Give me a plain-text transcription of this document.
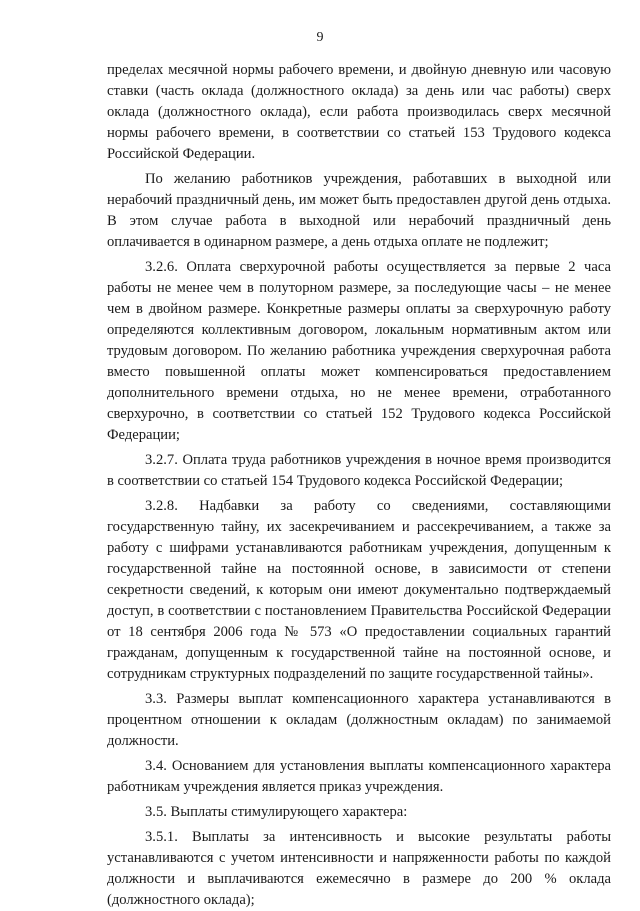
9

пределах месячной нормы рабочего времени, и двойную дневную или часовую ставки (часть оклада (должностного оклада) за день или час работы) сверх оклада (должностного оклада), если работа производилась сверх месячной нормы рабочего времени, в соответствии со статьей 153 Трудового кодекса Российской Федерации.

По желанию работников учреждения, работавших в выходной или нерабочий праздничный день, им может быть предоставлен другой день отдыха. В этом случае работа в выходной или нерабочий праздничный день оплачивается в одинарном размере, а день отдыха оплате не подлежит;

3.2.6. Оплата сверхурочной работы осуществляется за первые 2 часа работы не менее чем в полуторном размере, за последующие часы – не менее чем в двойном размере. Конкретные размеры оплаты за сверхурочную работу определяются коллективным договором, локальным нормативным актом или трудовым договором. По желанию работника учреждения сверхурочная работа вместо повышенной оплаты может компенсироваться предоставлением дополнительного времени отдыха, но не менее времени, отработанного сверхурочно, в соответствии со статьей 152 Трудового кодекса Российской Федерации;

3.2.7. Оплата труда работников учреждения в ночное время производится в соответствии со статьей 154 Трудового кодекса Российской Федерации;

3.2.8. Надбавки за работу со сведениями, составляющими государственную тайну, их засекречиванием и рассекречиванием, а также за работу с шифрами устанавливаются работникам учреждения, допущенным к государственной тайне на постоянной основе, в зависимости от степени секретности сведений, к которым они имеют документально подтверждаемый доступ, в соответствии с постановлением Правительства Российской Федерации от 18 сентября 2006 года № 573 «О предоставлении социальных гарантий гражданам, допущенным к государственной тайне на постоянной основе, и сотрудникам структурных подразделений по защите государственной тайны».

3.3. Размеры выплат компенсационного характера устанавливаются в процентном отношении к окладам (должностным окладам) по занимаемой должности.

3.4. Основанием для установления выплаты компенсационного характера работникам учреждения является приказ учреждения.

3.5. Выплаты стимулирующего характера:

3.5.1. Выплаты за интенсивность и высокие результаты работы устанавливаются с учетом интенсивности и напряженности работы по каждой должности и выплачиваются ежемесячно в размере до 200 % оклада (должностного оклада);
